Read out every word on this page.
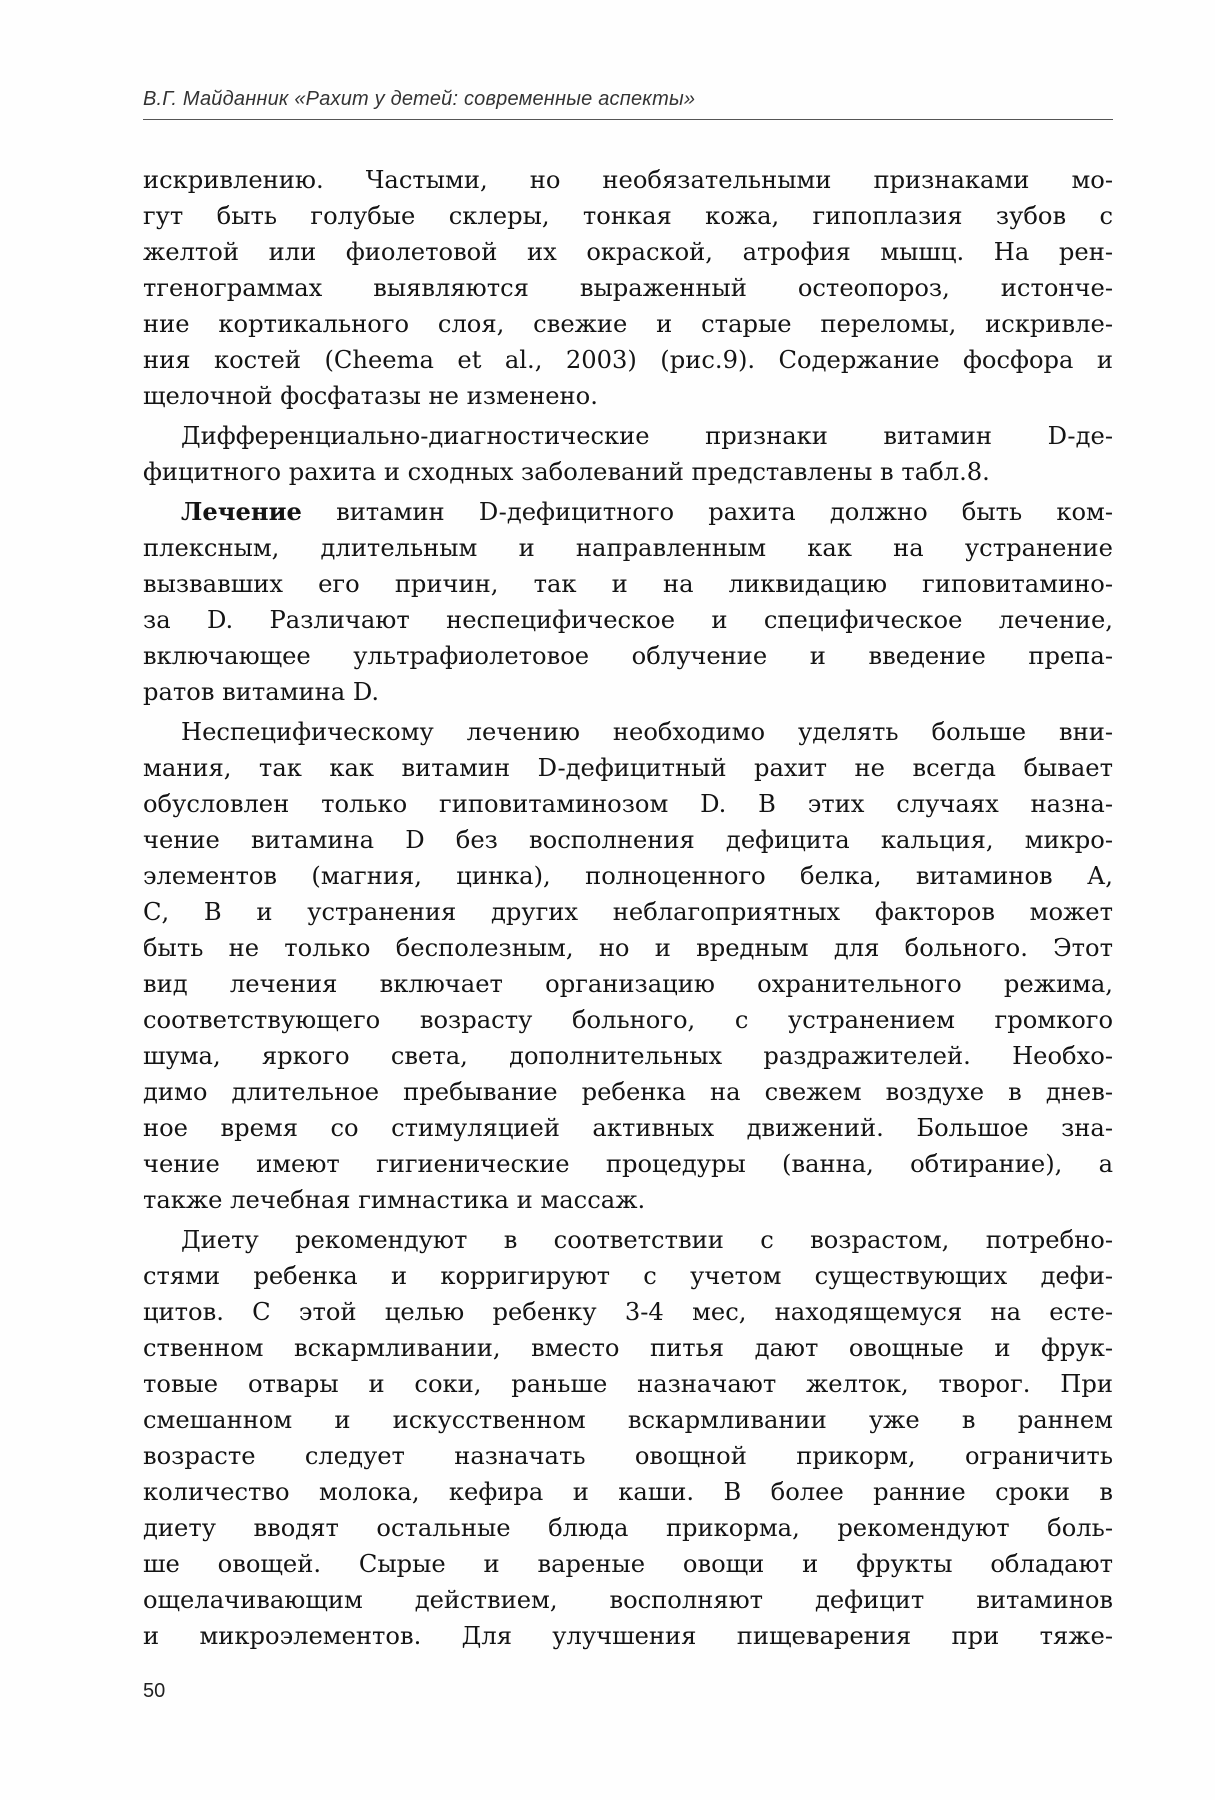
В.Г. Майданник «Рахит у детей: современные аспекты»
искривлению. Частыми, но необязательными признаками мо-
гут быть голубые склеры, тонкая кожа, гипоплазия зубов с
желтой или фиолетовой их окраской, атрофия мышц. На рен-
тгенограммах выявляются выраженный остеопороз, истонче-
ние кортикального слоя, свежие и старые переломы, искривле-
ния костей (Cheema et al., 2003) (рис.9). Содержание фосфора и
щелочной фосфатазы не изменено.
Дифференциально-диагностические признаки витамин D-де-
фицитного рахита и сходных заболеваний представлены в табл.8.
Лечение витамин D-дефицитного рахита должно быть ком-
плексным, длительным и направленным как на устранение
вызвавших его причин, так и на ликвидацию гиповитамино-
за D. Различают неспецифическое и специфическое лечение,
включающее ультрафиолетовое облучение и введение препа-
ратов витамина D.
Неспецифическому лечению необходимо уделять больше вни-
мания, так как витамин D-дефицитный рахит не всегда бывает
обусловлен только гиповитаминозом D. В этих случаях назна-
чение витамина D без восполнения дефицита кальция, микро-
элементов (магния, цинка), полноценного белка, витаминов А,
С, В и устранения других неблагоприятных факторов может
быть не только бесполезным, но и вредным для больного. Этот
вид лечения включает организацию охранительного режима,
соответствующего возрасту больного, с устранением громкого
шума, яркого света, дополнительных раздражителей. Необхо-
димо длительное пребывание ребенка на свежем воздухе в днев-
ное время со стимуляцией активных движений. Большое зна-
чение имеют гигиенические процедуры (ванна, обтирание), а
также лечебная гимнастика и массаж.
Диету рекомендуют в соответствии с возрастом, потребно-
стями ребенка и корригируют с учетом существующих дефи-
цитов. С этой целью ребенку 3-4 мес, находящемуся на есте-
ственном вскармливании, вместо питья дают овощные и фрук-
товые отвары и соки, раньше назначают желток, творог. При
смешанном и искусственном вскармливании уже в раннем
возрасте следует назначать овощной прикорм, ограничить
количество молока, кефира и каши. В более ранние сроки в
диету вводят остальные блюда прикорма, рекомендуют боль-
ше овощей. Сырые и вареные овощи и фрукты обладают
ощелачивающим действием, восполняют дефицит витаминов
и микроэлементов. Для улучшения пищеварения при тяже-
50
